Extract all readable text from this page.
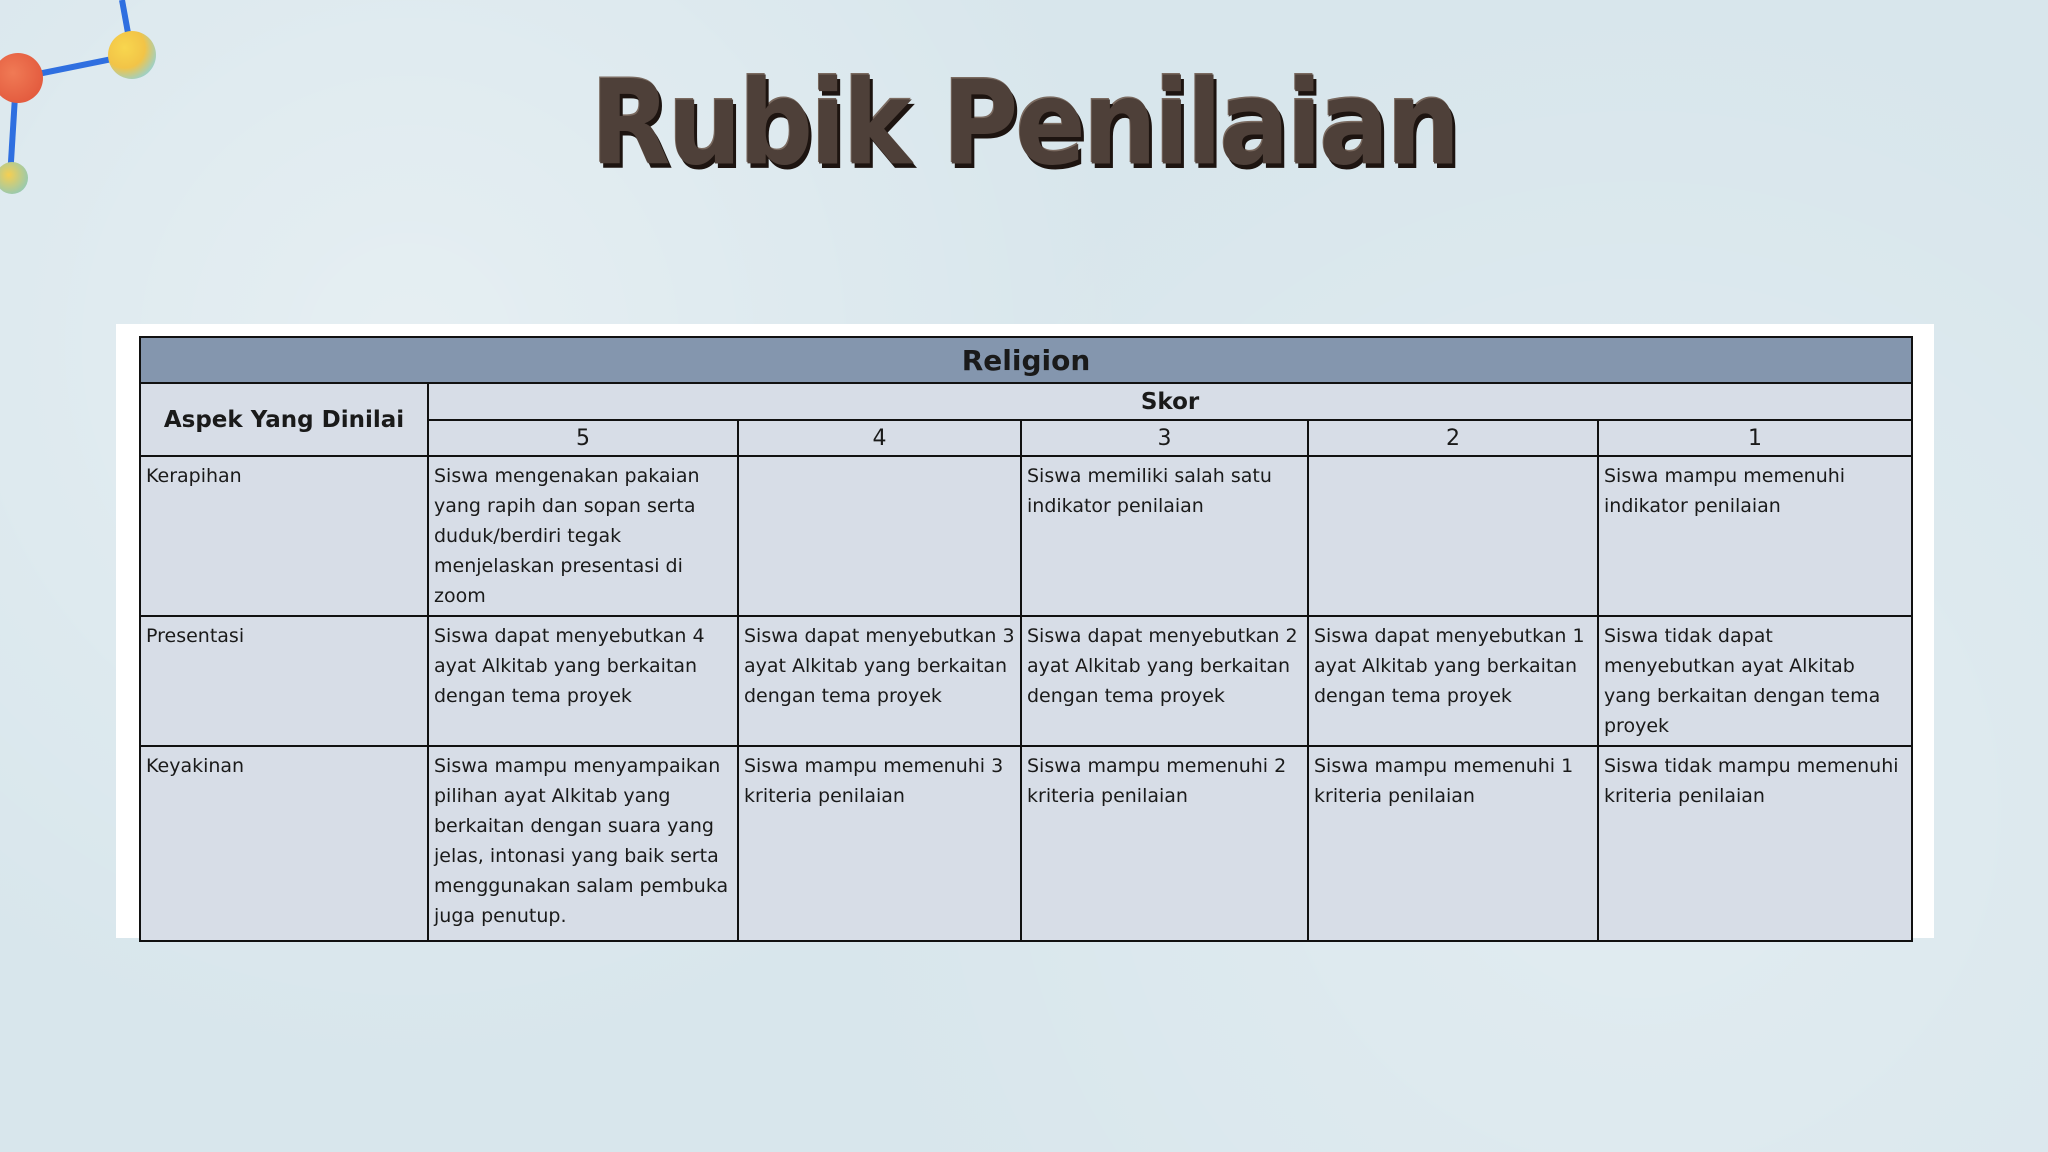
Rubik Penilaian
Religion					
Aspek Yang Dinilai	Skor				
	5	4	3	2	1
Kerapihan	Siswa mengenakan pakaian yang rapih dan sopan serta duduk/berdiri tegak menjelaskan presentasi di zoom		Siswa memiliki salah satu indikator penilaian		Siswa mampu memenuhi indikator penilaian
Presentasi	Siswa dapat menyebutkan 4 ayat Alkitab yang berkaitan dengan tema proyek	Siswa dapat menyebutkan 3 ayat Alkitab yang berkaitan dengan tema proyek	Siswa dapat menyebutkan 2 ayat Alkitab yang berkaitan dengan tema proyek	Siswa dapat menyebutkan 1 ayat Alkitab yang berkaitan dengan tema proyek	Siswa tidak dapat menyebutkan ayat Alkitab yang berkaitan dengan tema proyek
Keyakinan	Siswa mampu menyampaikan pilihan ayat Alkitab yang berkaitan dengan suara yang jelas, intonasi yang baik serta menggunakan salam pembuka juga penutup.	Siswa mampu memenuhi 3 kriteria penilaian	Siswa mampu memenuhi 2 kriteria penilaian	Siswa mampu memenuhi 1 kriteria penilaian	Siswa tidak mampu memenuhi kriteria penilaian
